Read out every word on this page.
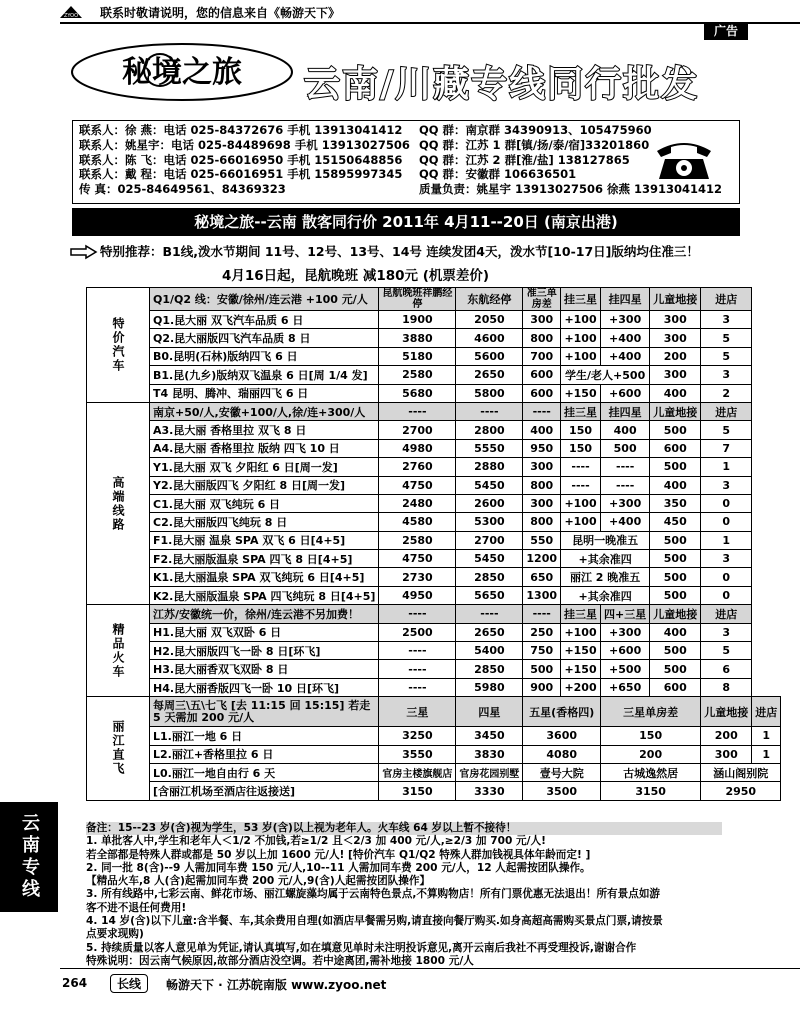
ZYOO 联系时敬请说明，您的信息来自《畅游天下》
广告
秘境之旅 云南/川藏专线同行批发
联系人：徐 燕：电话 025-84372676 手机 13913041412	QQ 群：南京群 34390913、105475960
联系人：姚星宇：电话 025-84489698 手机 13913027506 QQ 群：江苏 1 群[镇/扬/泰/宿]33201860
联系人：陈 飞：电话 025-66016950 手机 15150648856	QQ 群：江苏 2 群[淮/盐] 138127865
联系人：戴 程：电话 025-66016951 手机 15895997345	QQ 群：安徽群 106636501
传 真：025-84649561、84369323	质量负责：姚星宇 13913027506 徐燕 13913041412
秘境之旅--云南 散客同行价 2011年 4月11--20日 (南京出港)
特别推荐：B1线,泼水节期间 11号、12号、13号、14号 连续发团4天，泼水节[10-17日]版纳均住准三！
4月16日起，昆航晚班 减180元 (机票差价)
特价汽车	Q1/Q2 线：安徽/徐州/连云港 +100 元/人	昆航晚班祥鹏经停	东航经停	准三单房差	挂三星	挂四星	儿童地接	进店	
	Q1.昆大丽 双飞汽车品质 6 日	1900	2050	300	+100	+300	300	3	
	Q2.昆大丽版四飞汽车品质 8 日	3880	4600	800	+100	+400	300	5	
	B0.昆明(石林)版纳四飞 6 日	5180	5600	700	+100	+400	200	5	
	B1.昆(九乡)版纳双飞温泉 6 日[周 1/4 发]	2580	2650	600	学生/老人+500		300	3	
	T4 昆明、腾冲、瑞丽四飞 6 日	5680	5800	600	+150	+600	400	2	
高端线路	南京+50/人,安徽+100/人,徐/连+300/人	----	----	----	挂三星	挂四星	儿童地接	进店	
	A3.昆大丽 香格里拉 双飞 8 日	2700	2800	400	150	400	500	5	
	A4.昆大丽 香格里拉 版纳 四飞 10 日	4980	5550	950	150	500	600	7	
	Y1.昆大丽 双飞 夕阳红 6 日[周一发]	2760	2880	300	----	----	500	1	
	Y2.昆大丽版四飞 夕阳红 8 日[周一发]	4750	5450	800	----	----	400	3	
	C1.昆大丽 双飞纯玩 6 日	2480	2600	300	+100	+300	350	0	
	C2.昆大丽版四飞纯玩 8 日	4580	5300	800	+100	+400	450	0	
	F1.昆大丽 温泉 SPA 双飞 6 日[4+5]	2580	2700	550	昆明一晚准五		500	1	
	F2.昆大丽版温泉 SPA 四飞 8 日[4+5]	4750	5450	1200	+其余准四		500	3	
	K1.昆大丽温泉 SPA 双飞纯玩 6 日[4+5]	2730	2850	650	丽江 2 晚准五		500	0	
	K2.昆大丽版温泉 SPA 四飞纯玩 8 日[4+5]	4950	5650	1300	+其余准四		500	0	
精品火车	江苏/安徽统一价，徐州/连云港不另加费！	----	----	----	挂三星	四+三星	儿童地接	进店	
	H1.昆大丽 双飞双卧 6 日	2500	2650	250	+100	+300	400	3	
	H2.昆大丽版四飞一卧 8 日[环飞]	----	5400	750	+150	+600	500	5	
	H3.昆大丽香双飞双卧 8 日	----	2850	500	+150	+500	500	6	
	H4.昆大丽香版四飞一卧 10 日[环飞]	----	5980	900	+200	+650	600	8	
丽江直飞	每周三\五\七飞 [去 11:15 回 15:15] 若走 5 天需加 200 元/人	三星	四星	五星(香格四)		三星单房差		儿童地接	进店
	L1.丽江一地 6 日	3250	3450	3600		150		200	1
	L2.丽江+香格里拉 6 日	3550	3830	4080		200		300	1
	L0.丽江一地自由行 6 天	官房主楼旗舰店	官房花园别墅	壹号大院		古城逸然居		涵山阁别院	
	[含丽江机场至酒店往返接送]	3150	3330	3500		3150		2950	
备注：15--23 岁(含)视为学生，53 岁(含)以上视为老年人。火车线 64 岁以上暂不接待！
1. 单批客人中,学生和老年人＜1/2 不加钱,若≥1/2 且＜2/3 加 400 元/人,≥2/3 加 700 元/人!
若全部都是特殊人群或都是 50 岁以上加 1600 元/人! [特价汽车 Q1/Q2 特殊人群加钱视具体年龄而定! ]
2. 同一批 8(含)--9 人需加同车费 150 元/人,10--11 人需加同车费 200 元/人，12 人起需按团队操作。
【精品火车,8 人(含)起需加同车费 200 元/人,9(含)人起需按团队操作】
3. 所有线路中,七彩云南、鲜花市场、丽江螺旋藻均属于云南特色景点,不算购物店！所有门票优惠无法退出！所有景点如游
客不进不退任何费用!
4. 14 岁(含)以下儿童:含半餐、车,其余费用自理(如酒店早餐需另购,请直接向餐厅购买.如身高超高需购买景点门票,请按景
点要求现购)
5. 持续质量以客人意见单为凭证,请认真填写,如在填意见单时未注明投诉意见,离开云南后我社不再受理投诉,谢谢合作
特殊说明：因云南气候原因,故部分酒店没空调。若中途离团,需补地接 1800 元/人
云南专线
264	长线	畅游天下 · 江苏皖南版 www.zyoo.net
